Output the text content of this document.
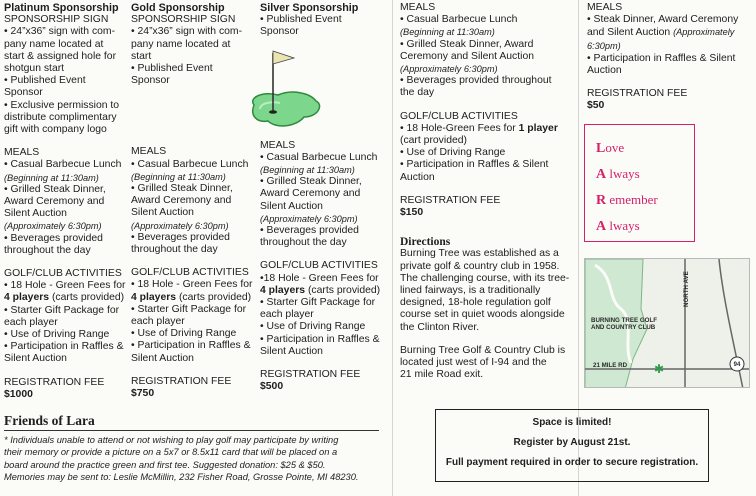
Platinum Sponsorship
SPONSORSHIP SIGN
• 24”x36” sign with com-
pany name located at
start & assigned hole for
shotgun start
• Published Event
Sponsor
• Exclusive permission to
distribute complimentary
gift with company logo
MEALS
• Casual Barbecue Lunch
(Beginning at 11:30am)
• Grilled Steak Dinner,
Award Ceremony and
Silent Auction
(Approximately 6:30pm)
• Beverages provided
throughout the day
GOLF/CLUB ACTIVITIES
• 18 Hole - Green Fees for
4 players (carts provided)
• Starter Gift Package for
each player
• Use of Driving Range
• Participation in Raffles &
Silent Auction
REGISTRATION FEE
$1000
Gold Sponsorship
SPONSORSHIP SIGN
• 24”x36” sign with com-
pany name located at
start
• Published Event
Sponsor
MEALS
• Casual Barbecue Lunch
(Beginning at 11:30am)
• Grilled Steak Dinner,
Award Ceremony and
Silent Auction
(Approximately 6:30pm)
• Beverages provided
throughout the day
GOLF/CLUB ACTIVITIES
• 18 Hole - Green Fees for
4 players (carts provided)
• Starter Gift Package for
each player
• Use of Driving Range
• Participation in Raffles &
Silent Auction
REGISTRATION FEE
$750
Silver Sponsorship
• Published Event
Sponsor
MEALS
• Casual Barbecue Lunch
(Beginning at 11:30am)
• Grilled Steak Dinner,
Award Ceremony and
Silent Auction
(Approximately 6:30pm)
• Beverages provided
throughout the day
GOLF/CLUB ACTIVITIES
•18 Hole - Green Fees for
4 players (carts provided)
• Starter Gift Package for
each player
• Use of Driving Range
• Participation in Raffles &
Silent Auction
REGISTRATION FEE
$500
MEALS
• Casual Barbecue Lunch
(Beginning at 11:30am)
• Grilled Steak Dinner, Award
Ceremony and Silent Auction
(Approximately 6:30pm)
• Beverages provided throughout
the day
GOLF/CLUB ACTIVITIES
• 18 Hole-Green Fees for 1 player
(cart provided)
• Use of Driving Range
• Participation in Raffles & Silent
Auction
REGISTRATION FEE
$150
Directions
Burning Tree was established as a
private golf & country club in 1958.
The challenging course, with its tree-
lined fairways, is a traditionally
designed, 18-hole regulation golf
course set in quiet woods alongside
the Clinton River.
Burning Tree Golf & Country Club is
located just west of I-94 and the
21 mile Road exit.
MEALS
• Steak Dinner, Award Ceremony
and Silent Auction (Approximately
6:30pm)
• Participation in Raffles & Silent
Auction
REGISTRATION FEE
$50
Love
A lways
R emember
A lways
BURNING TREE GOLF
AND COUNTRY CLUB
21 MILE RD
NORTH AVE
94
✱
Friends of Lara
* Individuals unable to attend or not wishing to play golf may participate by writing
their memory or provide a picture on a 5x7 or 8.5x11 card that will be placed on a
board around the practice green and first tee. Suggested donation: $25 & $50.
Memories may be sent to: Leslie McMillin, 232 Fisher Road, Grosse Pointe, MI 48230.
Space is limited!
Register by August 21st.
Full payment required in order to secure registration.
